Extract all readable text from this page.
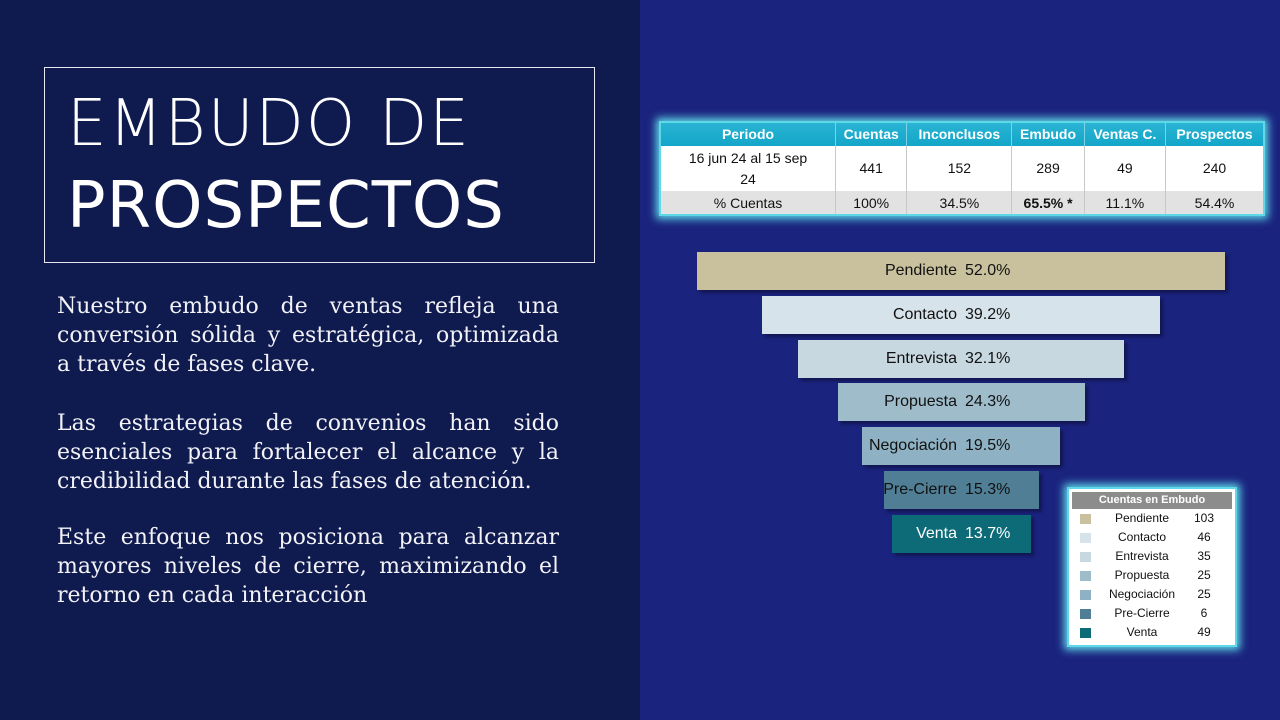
EMBUDO DE
PROSPECTOS
Nuestro embudo de ventas refleja una conversión sólida y estratégica, optimizada a través de fases clave.
Las estrategias de convenios han sido esenciales para fortalecer el alcance y la credibilidad durante las fases de atención.
Este enfoque nos posiciona para alcanzar mayores niveles de cierre, maximizando el retorno en cada interacción
Periodo	Cuentas	Inconclusos	Embudo	Ventas C.	Prospectos
16 jun 24 al 15 sep 24	441	152	289	49	240
% Cuentas	100%	34.5%	65.5% *	11.1%	54.4%
Pendiente 52.0%
Contacto 39.2%
Entrevista 32.1%
Propuesta 24.3%
Negociación 19.5%
Pre-Cierre 15.3%
Venta 13.7%
Cuentas en Embudo
Pendiente	103
Contacto	46
Entrevista	35
Propuesta	25
Negociación	25
Pre-Cierre	6
Venta	49
